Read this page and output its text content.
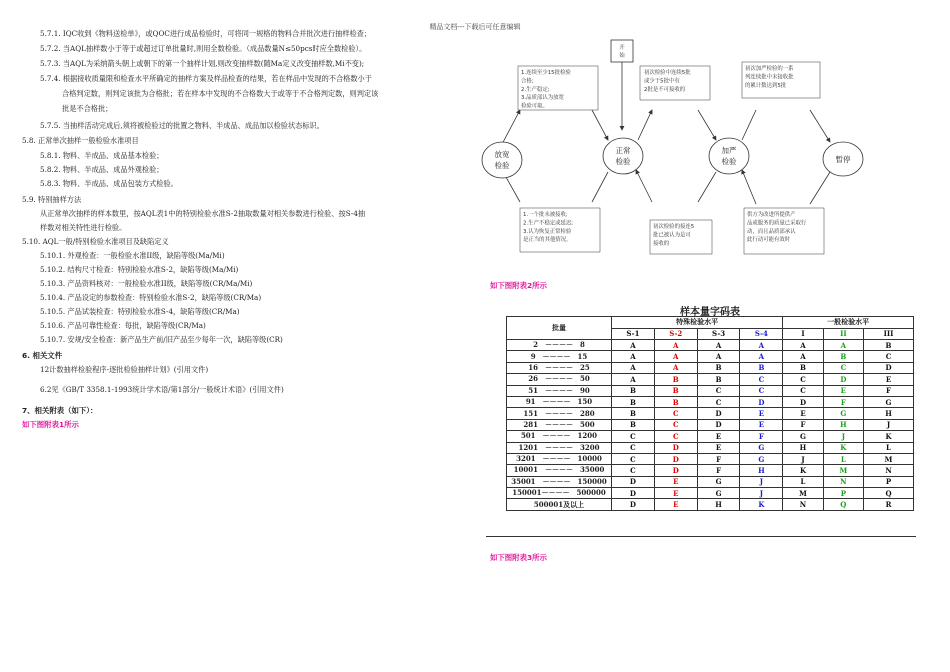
精品文档---下载后可任意编辑
5.7.1. IQC收到《物料送检单》，或QOC进行成品检验时，可将同一规格的物料合并批次进行抽样检查；
5.7.2. 当AQL抽样数小于等于或超过订单批量时,则用全数检验。（成品数量N≤50pcs时应全数检验）。
5.7.3. 当AQL为采纳箭头朝上或朝下的第一个抽样计划,则改变抽样数(随Ma定义改变抽样数,Mi不变);
5.7.4. 根据接收质量限和检查水平所确定的抽样方案及样品检查的结果，若在样品中发现的不合格数小于
合格判定数，则判定该批为合格批；若在样本中发现的不合格数大于或等于不合格判定数，则判定该
批是不合格批；
5.7.5. 当抽样活动完成后,须将被检验过的批置之物料、半成品、成品加以检验状态标识。
5.8. 正常单次抽样一般检验水准项目
5.8.1. 物料、半成品、成品基本检验；
5.8.2. 物料、半成品、成品外观检验；
5.8.3. 物料、半成品、成品包装方式检验。
5.9. 特别抽样方法
从正常单次抽样的样本数里，按AQL表1中的特别检验水准S-2抽取数量对相关参数进行检验、按S-4抽
样数对相关特性进行检验。
5.10. AQL一般/特别检验水准项目及缺陷定义
5.10.1. 外观检查：一般检验水准II级，缺陷等级(Ma/Mi)
5.10.2. 结构尺寸检查：特别检验水准S-2，缺陷等级(Ma/Mi)
5.10.3. 产品资料核对：一般检验水准II级，缺陷等级(CR/Ma/Mi)
5.10.4. 产品设定的参数检查：特别检验水准S-2，缺陷等级(CR/Ma)
5.10.5. 产品试装检查：特别检验水准S-4，缺陷等级(CR/Ma)
5.10.6. 产品可靠性检查：每批，缺陷等级(CR/Ma)
5.10.7. 安规/安全检查：新产品生产前/旧产品至少每年一次，缺陷等级(CR)
6. 相关文件
12计数抽样检验程序-逐批检验抽样计划》(引用文件)
6.2见《GB/T 3358.1-1993统计学术语/第1部分/一般统计术语》(引用文件)
7、相关附表（如下）：
如下图附表1所示
开始
放宽检验
正常检验
加严检验	暂停
1.连续至少15批检验
合格;
2.生产稳定;
3.品质部认为放宽
检验可取。
初次检验中连续5批
或少于5批中有
2批是不可接收的
初次加严检验的一系
列连续批中未接收批
的累计数达到5批
1.一个批未被接收;
2.生产不稳定或延迟;
3.认为恢复正常检验
是正当的其他情况。
初次检验的接连5
批已被认为是可
接收的
供方为改进所提供产
品或服务的质量已采取行
动，而且品质部承认
此行动可能有效时
如下图附表2所示
样本量字码表
批量	特殊检验水平				一般检验水平		
	S-1	S-2	S-3	S-4	I	II	III
2　－－－－　8	A	A	A	A	A	A	B
9　－－－－　15	A	A	A	A	A	B	C
16　－－－－　25	A	A	B	B	B	C	D
26　－－－－　50	A	B	B	C	C	D	E
51　－－－－　90	B	B	C	C	C	E	F
91　－－－－　150	B	B	C	D	D	F	G
151　－－－－　280	B	C	D	E	E	G	H
281　－－－－　500	B	C	D	E	F	H	J
501　－－－－　1200	C	C	E	F	G	J	K
1201　－－－－　3200	C	D	E	G	H	K	L
3201　－－－－　10000	C	D	F	G	J	L	M
10001　－－－－　35000	C	D	F	H	K	M	N
35001　－－－－　150000	D	E	G	J	L	N	P
150001－－－－　500000	D	E	G	J	M	P	Q
500001及以上	D	E	H	K	N	Q	R
如下图附表3所示
